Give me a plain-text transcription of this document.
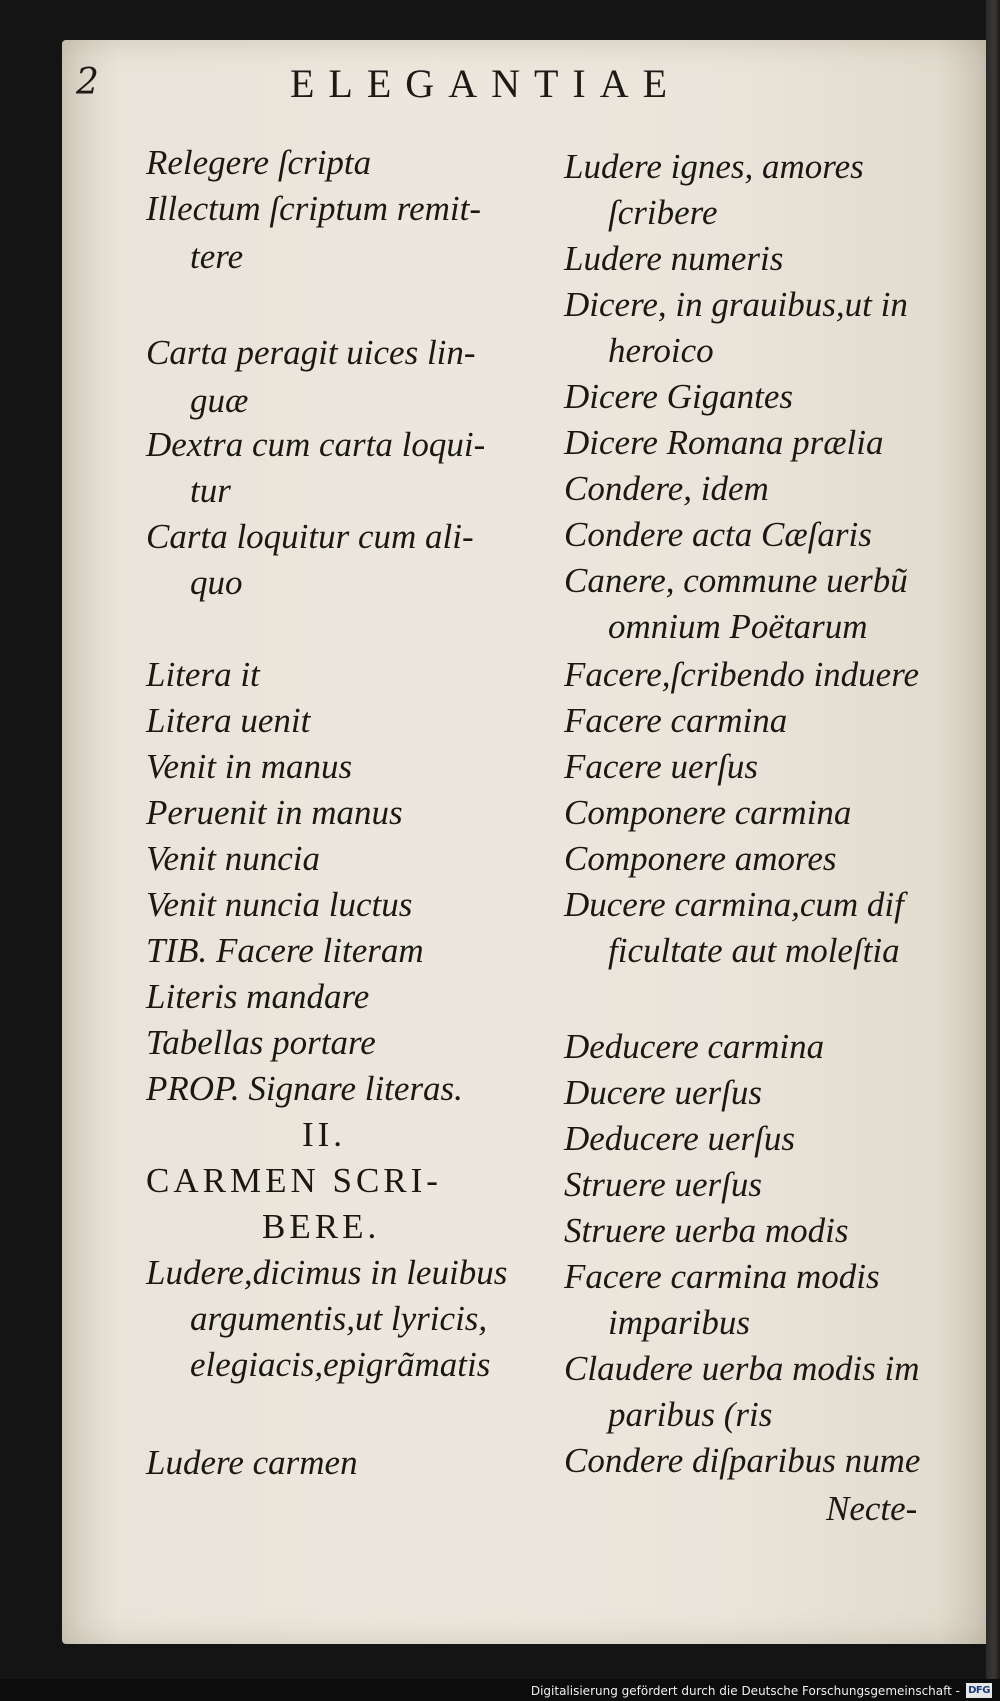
2	ELEGANTIAE

Relegere ſcripta

Illectum ſcriptum remit-

tere

Carta peragit uices lin-

guæ

Dextra cum carta loqui-

tur

Carta loquitur cum ali-

quo

Litera it

Litera uenit

Venit in manus

Peruenit in manus

Venit nuncia

Venit nuncia luctus

TIB. Facere literam

Literis mandare

Tabellas portare

PROP. Signare literas.

II.

CARMEN SCRI-

BERE.

Ludere,dicimus in leuibus

argumentis,ut lyricis,

elegiacis,epigrãmatis

Ludere carmen

Ludere ignes, amores

ſcribere

Ludere numeris

Dicere, in grauibus,ut in

heroico

Dicere Gigantes

Dicere Romana prælia

Condere, idem

Condere acta Cæſaris

Canere, commune uerbũ

omnium Poëtarum

Facere,ſcribendo induere

Facere carmina

Facere uerſus

Componere carmina

Componere amores

Ducere carmina,cum dif

ficultate aut moleſtia

Deducere carmina

Ducere uerſus

Deducere uerſus

Struere uerſus

Struere uerba modis

Facere carmina modis

imparibus

Claudere uerba modis im

paribus (ris

Condere diſparibus nume

Necte-

Digitalisierung gefördert durch die Deutsche Forschungsgemeinschaft - DFG
